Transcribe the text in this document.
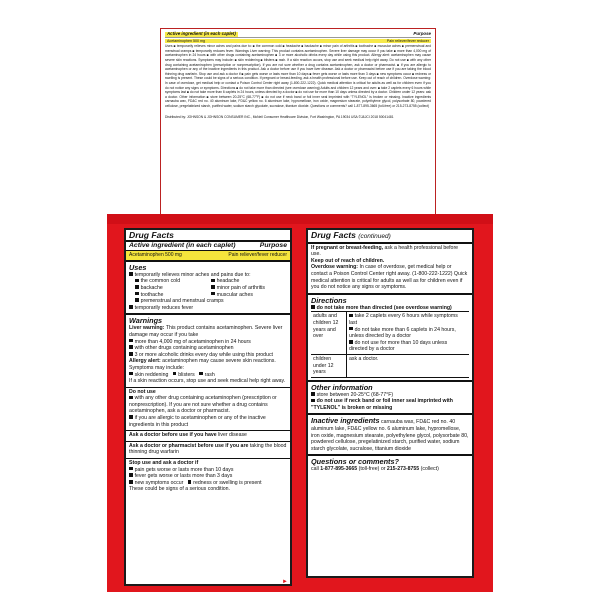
Active ingredient (in each caplet)	Purpose
Acetaminophen 500 mg	Pain reliever/fever reducer

Uses ■ temporarily relieves minor aches and pains due to: ■ the common cold ■ headache ■ backache ■ minor pain of arthritis ■ toothache ■ muscular aches ■ premenstrual and menstrual cramps ■ temporarily reduces fever. Warnings Liver warning: This product contains acetaminophen. Severe liver damage may occur if you take ■ more than 4,000 mg of acetaminophen in 24 hours ■ with other drugs containing acetaminophen ■ 3 or more alcoholic drinks every day while using this product. Allergy alert: acetaminophen may cause severe skin reactions. Symptoms may include: ■ skin reddening ■ blisters ■ rash. If a skin reaction occurs, stop use and seek medical help right away. Do not use ■ with any other drug containing acetaminophen (prescription or nonprescription). If you are not sure whether a drug contains acetaminophen, ask a doctor or pharmacist. ■ if you are allergic to acetaminophen or any of the inactive ingredients in this product. Ask a doctor before use if you have liver disease. Ask a doctor or pharmacist before use if you are taking the blood thinning drug warfarin. Stop use and ask a doctor if ■ pain gets worse or lasts more than 10 days ■ fever gets worse or lasts more than 3 days ■ new symptoms occur ■ redness or swelling is present. These could be signs of a serious condition. If pregnant or breast-feeding, ask a health professional before use. Keep out of reach of children. Overdose warning: In case of overdose, get medical help or contact a Poison Control Center right away (1-800-222-1222). Quick medical attention is critical for adults as well as for children even if you do not notice any signs or symptoms. Directions ■ do not take more than directed (see overdose warning) Adults and children 12 years and over: ■ take 2 caplets every 6 hours while symptoms last ■ do not take more than 6 caplets in 24 hours, unless directed by a doctor ■ do not use for more than 10 days unless directed by a doctor. Children under 12 years: ask a doctor. Other information ■ store between 20-25°C (68-77°F) ■ do not use if neck band or foil inner seal imprinted with "TYLENOL" is broken or missing. Inactive ingredients carnauba wax, FD&C red no. 40 aluminum lake, FD&C yellow no. 6 aluminum lake, hypromellose, iron oxide, magnesium stearate, polyethylene glycol, polysorbate 80, powdered cellulose, pregelatinized starch, purified water, sodium starch glycolate, sucralose, titanium dioxide. Questions or comments? call 1-877-895-3665 (toll-free) or 215-273-8755 (collect)

Distributed by: JOHNSON & JOHNSON CONSUMER INC., McNeil Consumer Healthcare Division, Fort Washington, PA 19034 USA ©J&JCI 2018 50041481

Drug Facts
Active ingredient (in each caplet)	Purpose
Acetaminophen 500 mg	Pain reliever/fever reducer
Uses

temporarily relieves minor aches and pains due to:

the common cold	headache
backache	minor pain of arthritis
toothache	muscular aches

premenstrual and menstrual cramps

temporarily reduces fever

Warnings

Liver warning: This product contains acetaminophen. Severe liver damage may occur if you take

more than 4,000 mg of acetaminophen in 24 hours

with other drugs containing acetaminophen

3 or more alcoholic drinks every day while using this product

Allergy alert: acetaminophen may cause severe skin reactions. Symptoms may include:

skin reddening blisters rash

If a skin reaction occurs, stop use and seek medical help right away.

Do not use

with any other drug containing acetaminophen (prescription or nonprescription). If you are not sure whether a drug contains acetaminophen, ask a doctor or pharmacist.

if you are allergic to acetaminophen or any of the inactive ingredients in this product

Ask a doctor before use if you have liver disease

Ask a doctor or pharmacist before use if you are taking the blood thinning drug warfarin

Stop use and ask a doctor if

pain gets worse or lasts more than 10 days

fever gets worse or lasts more than 3 days

new symptoms occur redness or swelling is present

These could be signs of a serious condition.

►
Drug Facts (continued)

If pregnant or breast-feeding, ask a health professional before use.

Keep out of reach of children.

Overdose warning: In case of overdose, get medical help or contact a Poison Control Center right away. (1-800-222-1222) Quick medical attention is critical for adults as well as for children even if you do not notice any signs or symptoms.

Directions

do not take more than directed (see overdose warning)

adults and children 12 years and over

take 2 caplets every 6 hours while symptoms last

do not take more than 6 caplets in 24 hours, unless directed by a doctor

do not use for more than 10 days unless directed by a doctor

children under 12 years
ask a doctor.
Other information

store between 20-25°C (68-77°F)

do not use if neck band or foil inner seal imprinted with "TYLENOL" is broken or missing

Inactive ingredients carnauba wax, FD&C red no. 40 aluminum lake, FD&C yellow no. 6 aluminum lake, hypromellose, iron oxide, magnesium stearate, polyethylene glycol, polysorbate 80, powdered cellulose, pregelatinized starch, purified water, sodium starch glycolate, sucralose, titanium dioxide

Questions or comments?

call 1-877-895-3665 (toll-free) or 215-273-8755 (collect)
